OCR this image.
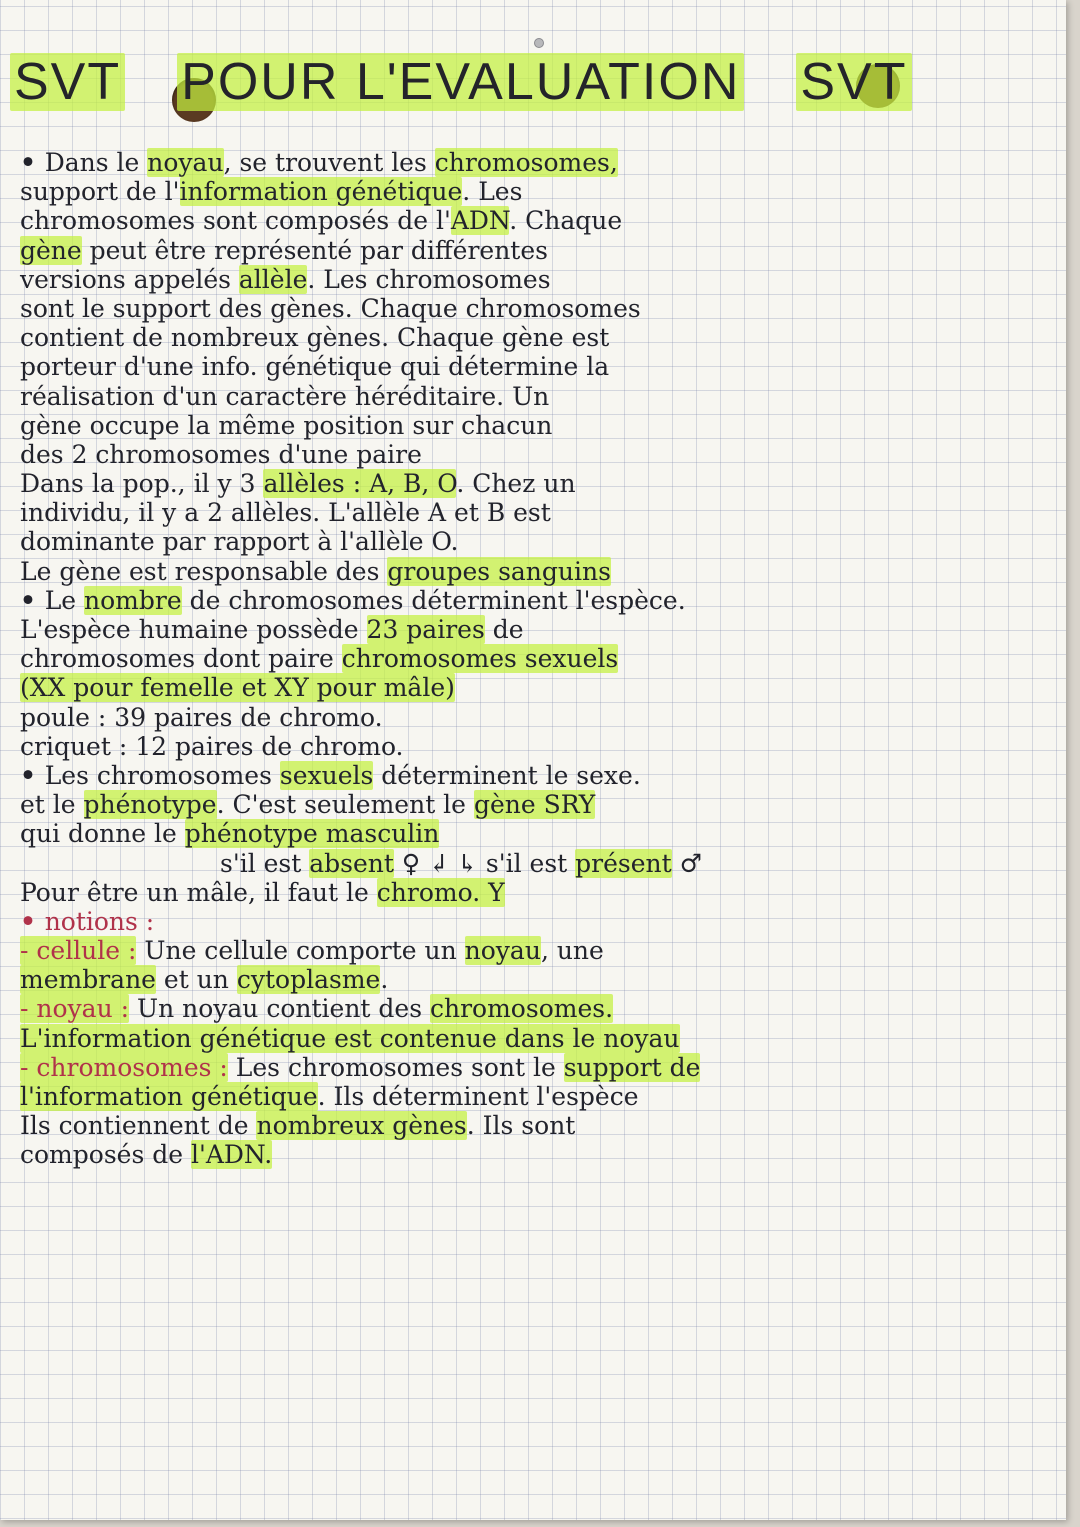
SVT POUR L'EVALUATION SVT
• Dans le noyau, se trouvent les chromosomes,
support de l'information génétique. Les
chromosomes sont composés de l'ADN. Chaque
gène peut être représenté par différentes
versions appelés allèle. Les chromosomes
sont le support des gènes. Chaque chromosomes
contient de nombreux gènes. Chaque gène est
porteur d'une info. génétique qui détermine la
réalisation d'un caractère héréditaire. Un
gène occupe la même position sur chacun
des 2 chromosomes d'une paire
Dans la pop., il y 3 allèles : A, B, O. Chez un
individu, il y a 2 allèles. L'allèle A et B est
dominante par rapport à l'allèle O.
Le gène est responsable des groupes sanguins
• Le nombre de chromosomes déterminent l'espèce.
L'espèce humaine possède 23 paires de
chromosomes dont paire chromosomes sexuels
(XX pour femelle et XY pour mâle)
poule : 39 paires de chromo.
criquet : 12 paires de chromo.
• Les chromosomes sexuels déterminent le sexe.
et le phénotype. C'est seulement le gène SRY
qui donne le phénotype masculin
s'il est absent ♀ ↲ ↳ s'il est présent ♂
Pour être un mâle, il faut le chromo. Y
• notions :
- cellule : Une cellule comporte un noyau, une
membrane et un cytoplasme.
- noyau : Un noyau contient des chromosomes.
L'information génétique est contenue dans le noyau
- chromosomes : Les chromosomes sont le support de
l'information génétique. Ils déterminent l'espèce
Ils contiennent de nombreux gènes. Ils sont
composés de l'ADN.
